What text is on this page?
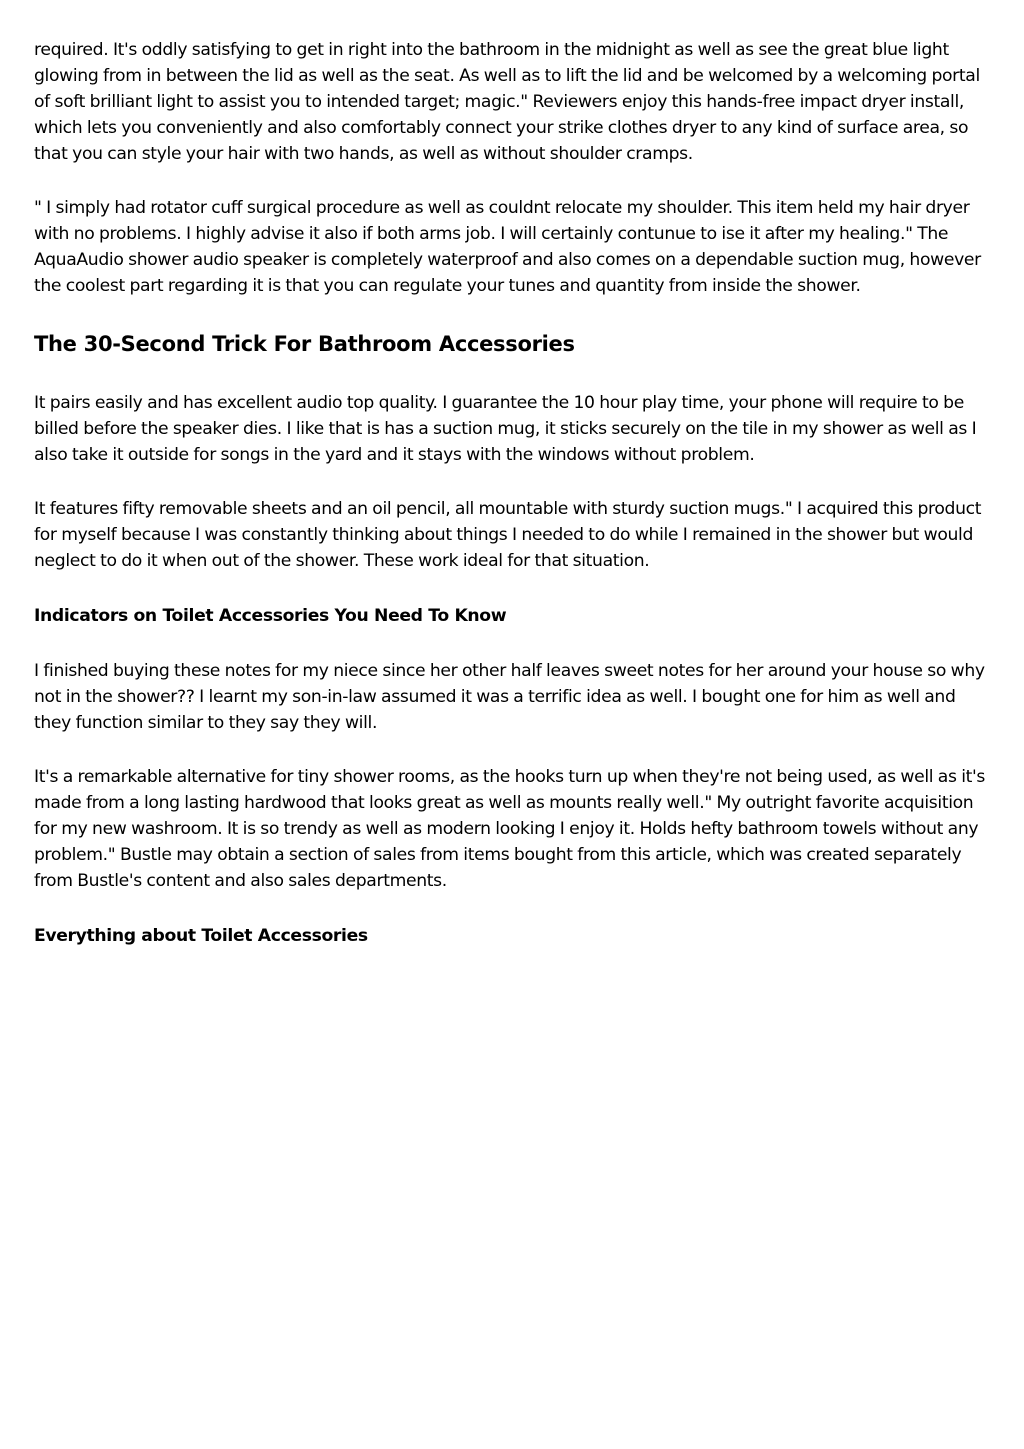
required. It's oddly satisfying to get in right into the bathroom in the midnight as well as see the great blue light glowing from in between the lid as well as the seat. As well as to lift the lid and be welcomed by a welcoming portal of soft brilliant light to assist you to intended target; magic." Reviewers enjoy this hands-free impact dryer install, which lets you conveniently and also comfortably connect your strike clothes dryer to any kind of surface area, so that you can style your hair with two hands, as well as without shoulder cramps.

" I simply had rotator cuff surgical procedure as well as couldnt relocate my shoulder. This item held my hair dryer with no problems. I highly advise it also if both arms job. I will certainly contunue to ise it after my healing." The AquaAudio shower audio speaker is completely waterproof and also comes on a dependable suction mug, however the coolest part regarding it is that you can regulate your tunes and quantity from inside the shower.

The 30-Second Trick For Bathroom Accessories

It pairs easily and has excellent audio top quality. I guarantee the 10 hour play time, your phone will require to be billed before the speaker dies. I like that is has a suction mug, it sticks securely on the tile in my shower as well as I also take it outside for songs in the yard and it stays with the windows without problem.

It features fifty removable sheets and an oil pencil, all mountable with sturdy suction mugs." I acquired this product for myself because I was constantly thinking about things I needed to do while I remained in the shower but would neglect to do it when out of the shower. These work ideal for that situation.

Indicators on Toilet Accessories You Need To Know

I finished buying these notes for my niece since her other half leaves sweet notes for her around your house so why not in the shower?? I learnt my son-in-law assumed it was a terrific idea as well. I bought one for him as well and they function similar to they say they will.

It's a remarkable alternative for tiny shower rooms, as the hooks turn up when they're not being used, as well as it's made from a long lasting hardwood that looks great as well as mounts really well." My outright favorite acquisition for my new washroom. It is so trendy as well as modern looking I enjoy it. Holds hefty bathroom towels without any problem." Bustle may obtain a section of sales from items bought from this article, which was created separately from Bustle's content and also sales departments.

Everything about Toilet Accessories
